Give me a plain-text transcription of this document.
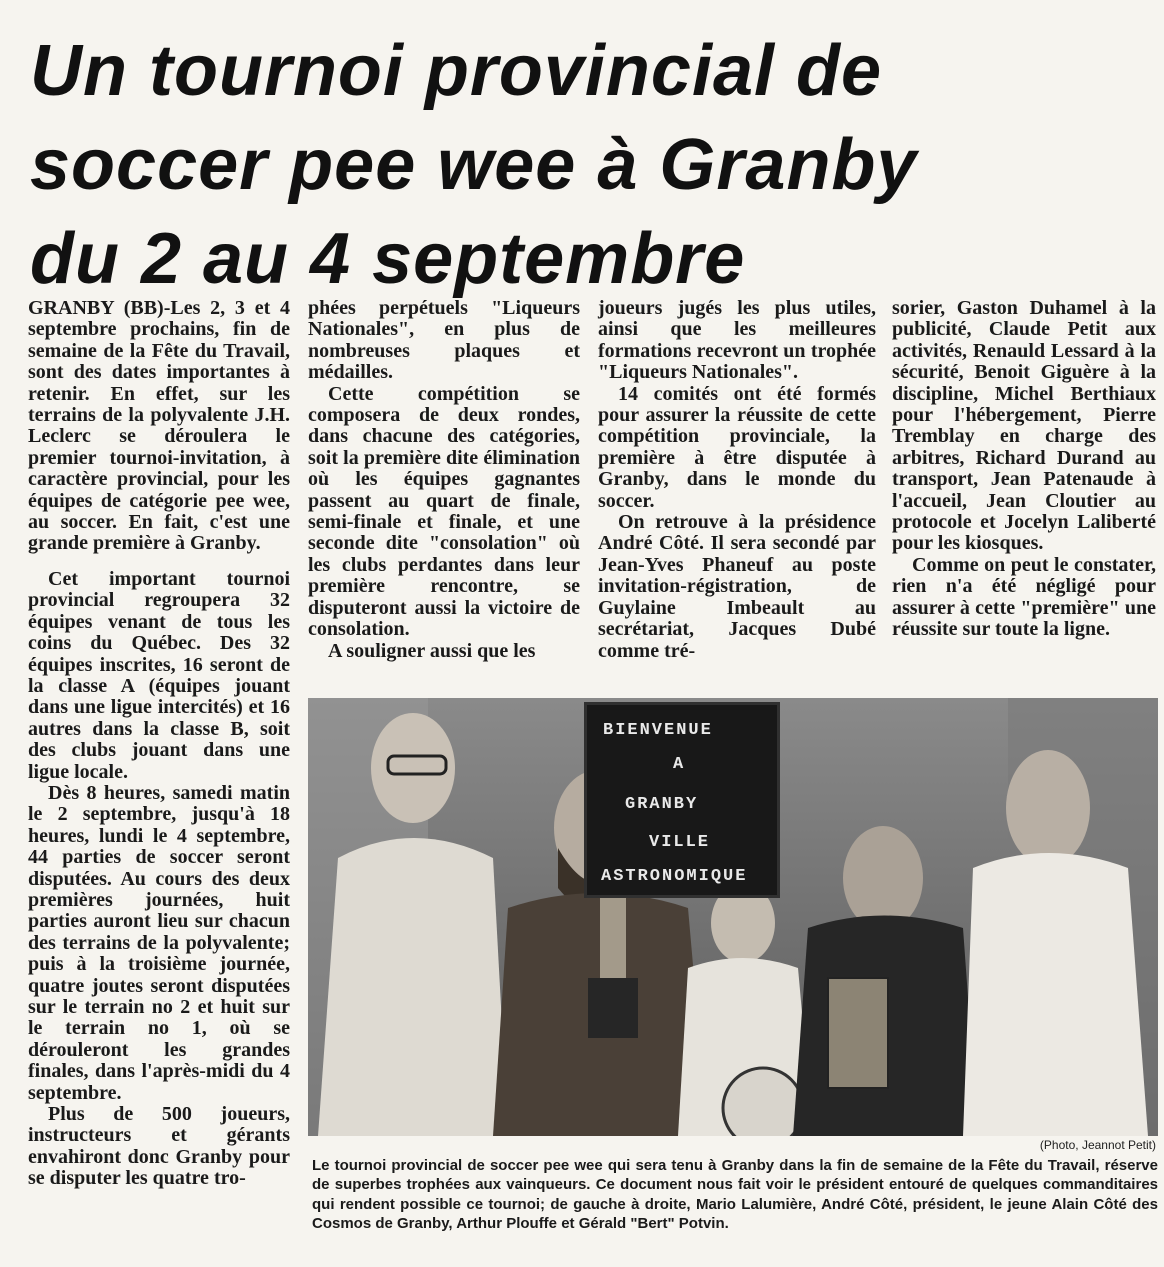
Un tournoi provincial de
soccer pee wee à Granby
du 2 au 4 septembre

GRANBY (BB)-Les 2, 3 et 4 septembre prochains, fin de semaine de la Fête du Travail, sont des dates importantes à retenir. En effet, sur les terrains de la polyvalente J.H. Leclerc se déroulera le premier tournoi-invitation, à caractère provincial, pour les équipes de catégorie pee wee, au soccer. En fait, c'est une grande première à Granby.

Cet important tournoi provincial regroupera 32 équipes venant de tous les coins du Québec. Des 32 équipes inscrites, 16 seront de la classe A (équipes jouant dans une ligue intercités) et 16 autres dans la classe B, soit des clubs jouant dans une ligue locale.

Dès 8 heures, samedi matin le 2 septembre, jusqu'à 18 heures, lundi le 4 septembre, 44 parties de soccer seront disputées. Au cours des deux premières journées, huit parties auront lieu sur chacun des terrains de la polyvalente; puis à la troisième journée, quatre joutes seront disputées sur le terrain no 2 et huit sur le terrain no 1, où se dérouleront les grandes finales, dans l'après-midi du 4 septembre.

Plus de 500 joueurs, instructeurs et gérants envahiront donc Granby pour se disputer les quatre tro-

phées perpétuels "Liqueurs Nationales", en plus de nombreuses plaques et médailles.

Cette compétition se composera de deux rondes, dans chacune des catégories, soit la première dite élimination où les équipes gagnantes passent au quart de finale, semi-finale et finale, et une seconde dite "consolation" où les clubs perdantes dans leur première rencontre, se disputeront aussi la victoire de consolation.

A souligner aussi que les

joueurs jugés les plus utiles, ainsi que les meilleures formations recevront un trophée "Liqueurs Nationales".

14 comités ont été formés pour assurer la réussite de cette compétition provinciale, la première à être disputée à Granby, dans le monde du soccer.

On retrouve à la présidence André Côté. Il sera secondé par Jean-Yves Phaneuf au poste invitation-régistration, de Guylaine Imbeault au secrétariat, Jacques Dubé comme tré-

sorier, Gaston Duhamel à la publicité, Claude Petit aux activités, Renauld Lessard à la sécurité, Benoit Giguère à la discipline, Michel Berthiaux pour l'hébergement, Pierre Tremblay en charge des arbitres, Richard Durand au transport, Jean Patenaude à l'accueil, Jean Cloutier au protocole et Jocelyn Laliberté pour les kiosques.

Comme on peut le constater, rien n'a été négligé pour assurer à cette "première" une réussite sur toute la ligne.

BIENVENUE
A
GRANBY
VILLE
ASTRONOMIQUE
(Photo, Jeannot Petit)

Le tournoi provincial de soccer pee wee qui sera tenu à Granby dans la fin de semaine de la Fête du Travail, réserve de superbes trophées aux vainqueurs. Ce document nous fait voir le président entouré de quelques commanditaires qui rendent possible ce tournoi; de gauche à droite, Mario Lalumière, André Côté, président, le jeune Alain Côté des Cosmos de Granby, Arthur Plouffe et Gérald "Bert" Potvin.
